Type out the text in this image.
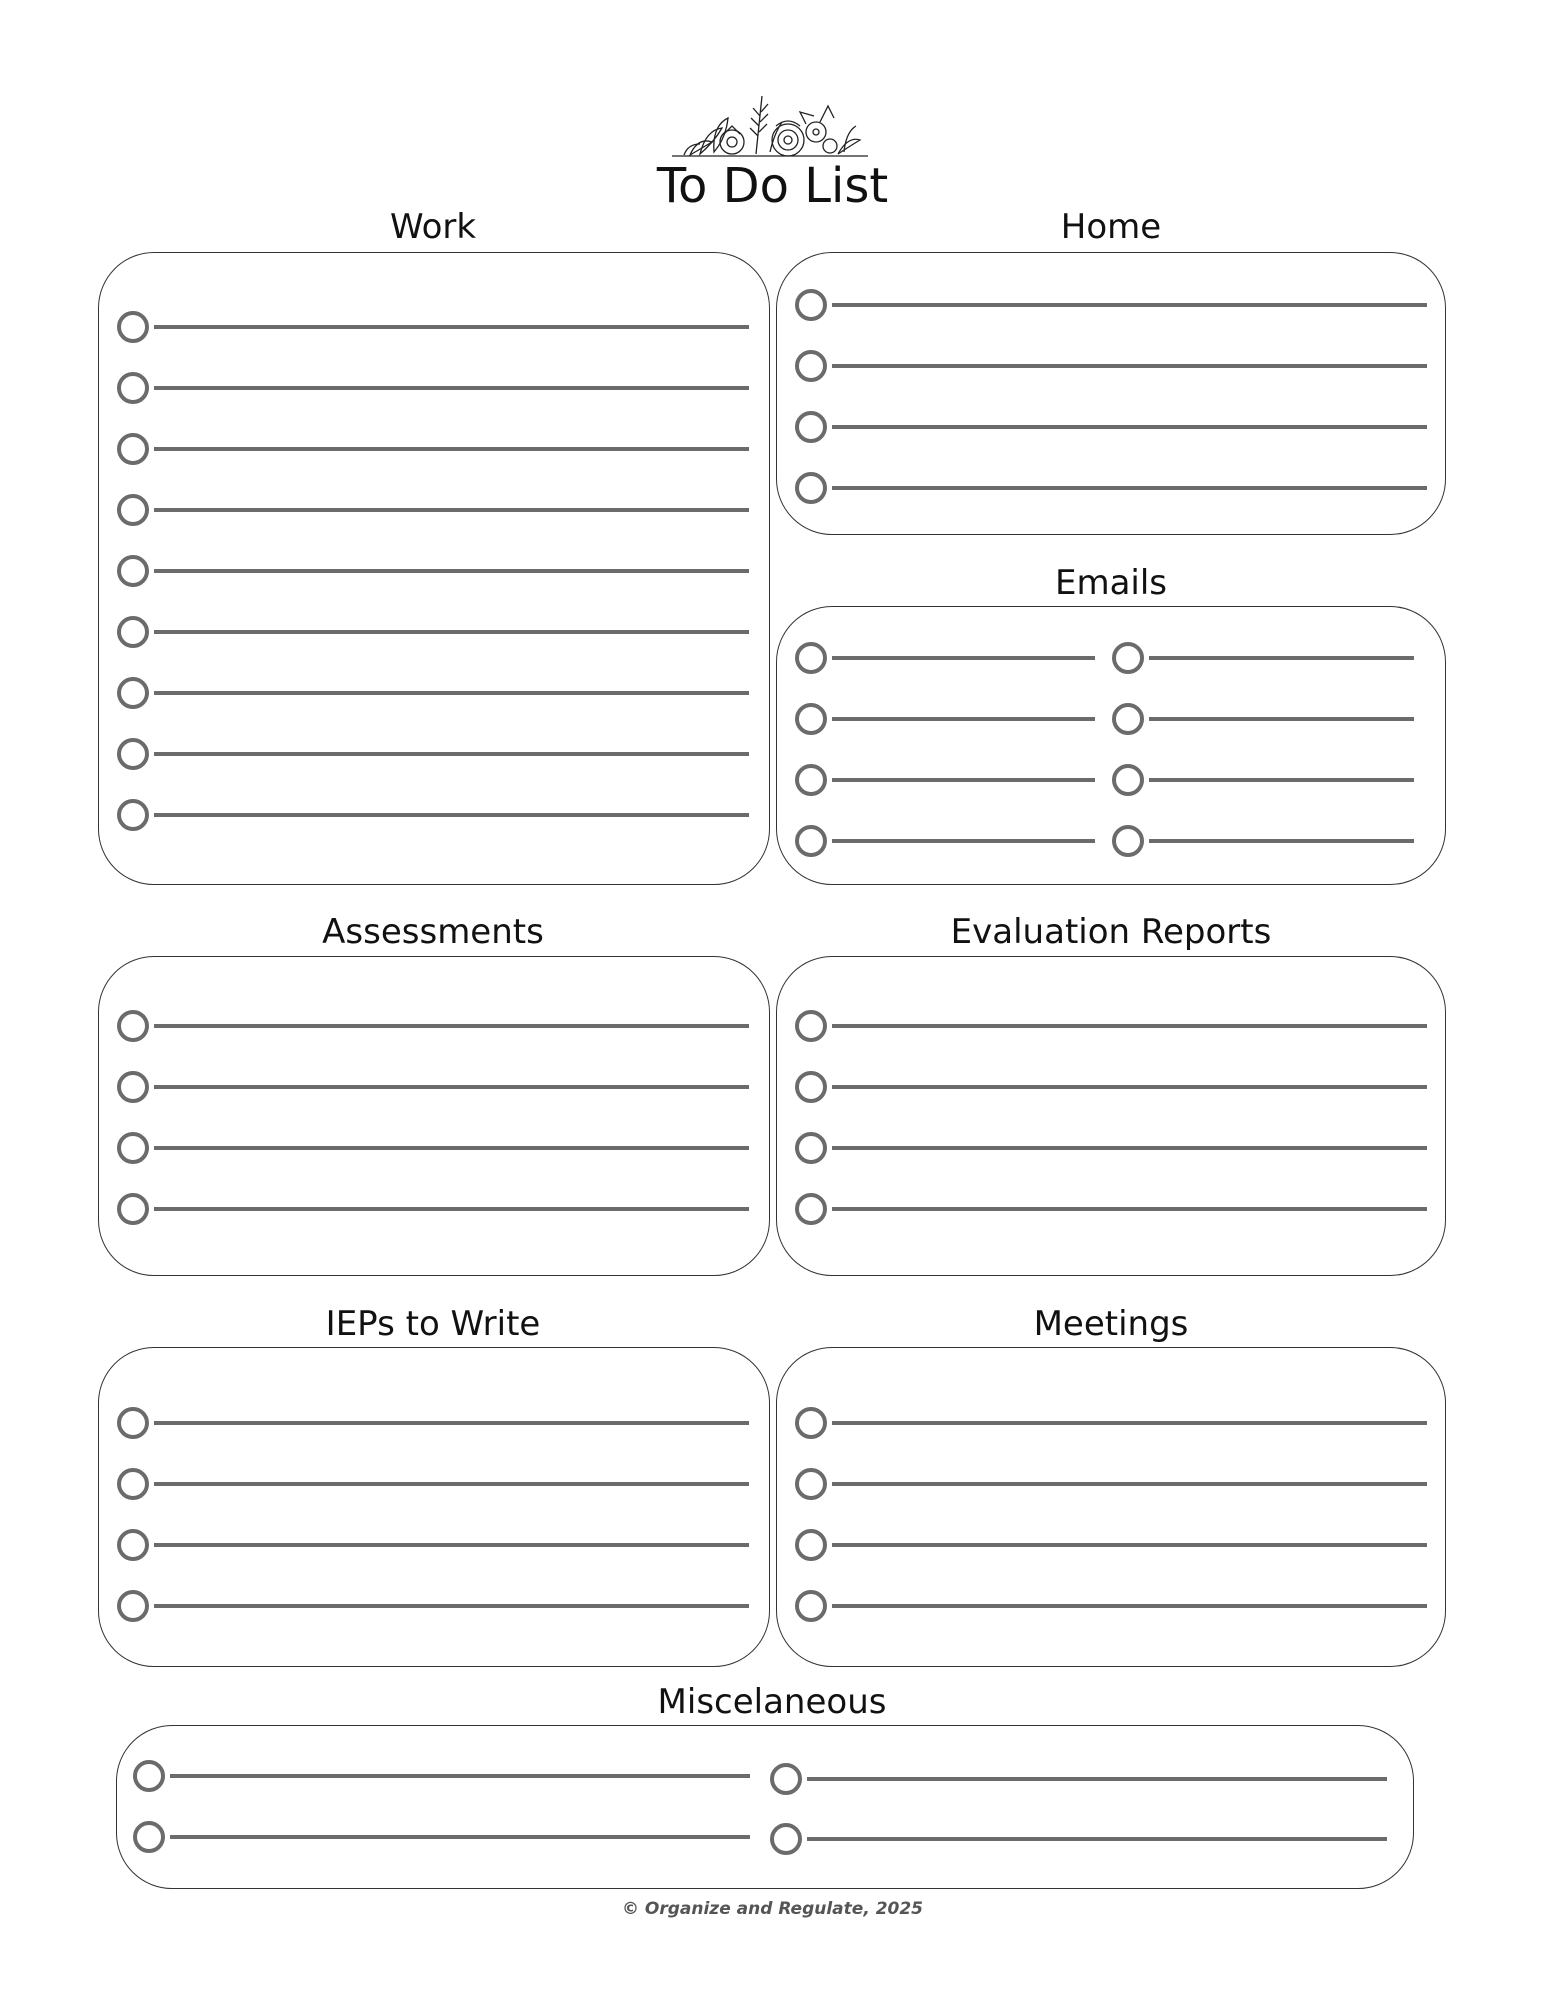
To Do List
Work	Home
Emails
Assessments	Evaluation Reports
IEPs to Write	Meetings
Miscelaneous
© Organize and Regulate, 2025
